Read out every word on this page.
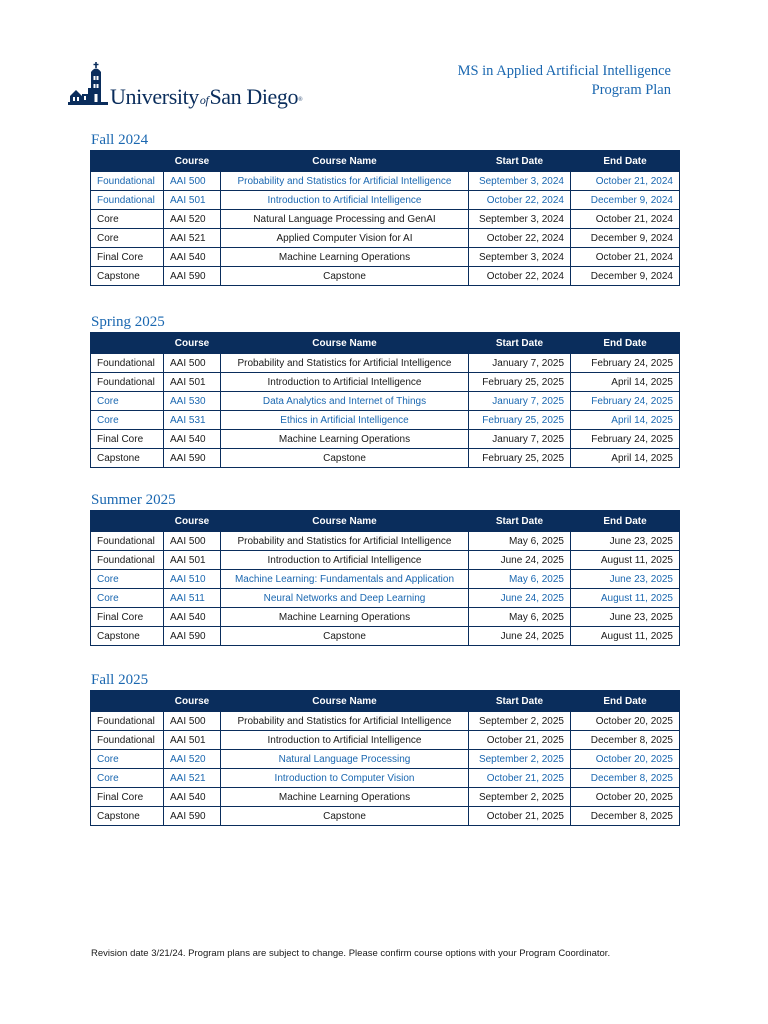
UniversityofSan Diego®
MS in Applied Artificial Intelligence
Program Plan
Fall 2024
	Course	Course Name	Start Date	End Date
Foundational	AAI 500	Probability and Statistics for Artificial Intelligence	September 3, 2024	October 21, 2024
Foundational	AAI 501	Introduction to Artificial Intelligence	October 22, 2024	December 9, 2024
Core	AAI 520	Natural Language Processing and GenAI	September 3, 2024	October 21, 2024
Core	AAI 521	Applied Computer Vision for AI	October 22, 2024	December 9, 2024
Final Core	AAI 540	Machine Learning Operations	September 3, 2024	October 21, 2024
Capstone	AAI 590	Capstone	October 22, 2024	December 9, 2024
Spring 2025
	Course	Course Name	Start Date	End Date
Foundational	AAI 500	Probability and Statistics for Artificial Intelligence	January 7, 2025	February 24, 2025
Foundational	AAI 501	Introduction to Artificial Intelligence	February 25, 2025	April 14, 2025
Core	AAI 530	Data Analytics and Internet of Things	January 7, 2025	February 24, 2025
Core	AAI 531	Ethics in Artificial Intelligence	February 25, 2025	April 14, 2025
Final Core	AAI 540	Machine Learning Operations	January 7, 2025	February 24, 2025
Capstone	AAI 590	Capstone	February 25, 2025	April 14, 2025
Summer 2025
	Course	Course Name	Start Date	End Date
Foundational	AAI 500	Probability and Statistics for Artificial Intelligence	May 6, 2025	June 23, 2025
Foundational	AAI 501	Introduction to Artificial Intelligence	June 24, 2025	August 11, 2025
Core	AAI 510	Machine Learning: Fundamentals and Application	May 6, 2025	June 23, 2025
Core	AAI 511	Neural Networks and Deep Learning	June 24, 2025	August 11, 2025
Final Core	AAI 540	Machine Learning Operations	May 6, 2025	June 23, 2025
Capstone	AAI 590	Capstone	June 24, 2025	August 11, 2025
Fall 2025
	Course	Course Name	Start Date	End Date
Foundational	AAI 500	Probability and Statistics for Artificial Intelligence	September 2, 2025	October 20, 2025
Foundational	AAI 501	Introduction to Artificial Intelligence	October 21, 2025	December 8, 2025
Core	AAI 520	Natural Language Processing	September 2, 2025	October 20, 2025
Core	AAI 521	Introduction to Computer Vision	October 21, 2025	December 8, 2025
Final Core	AAI 540	Machine Learning Operations	September 2, 2025	October 20, 2025
Capstone	AAI 590	Capstone	October 21, 2025	December 8, 2025
Revision date 3/21/24. Program plans are subject to change. Please confirm course options with your Program Coordinator.
